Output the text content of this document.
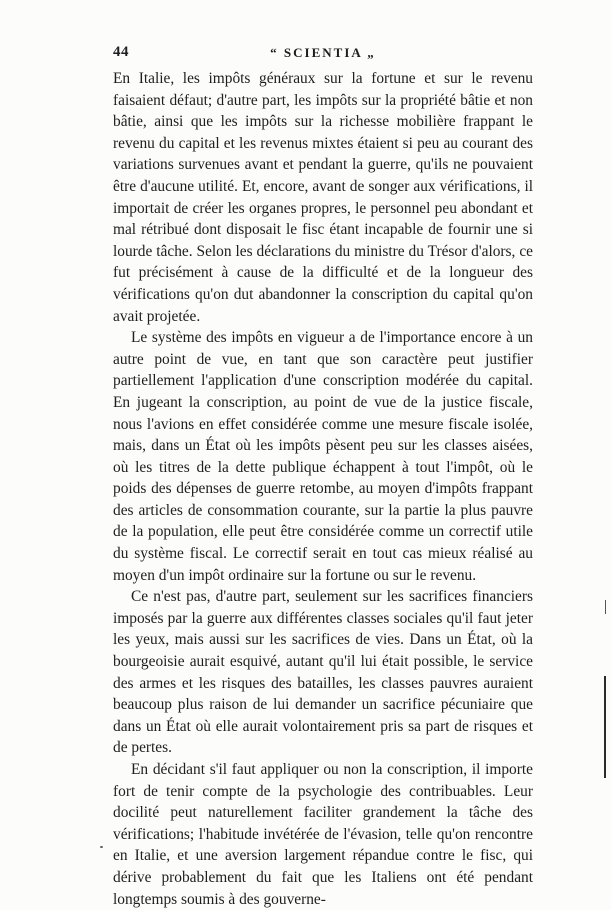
44	“ SCIENTIA „

En Italie, les impôts généraux sur la fortune et sur le revenu faisaient défaut; d'autre part, les impôts sur la propriété bâtie et non bâtie, ainsi que les impôts sur la richesse mobilière frappant le revenu du capital et les revenus mixtes étaient si peu au courant des variations survenues avant et pendant la guerre, qu'ils ne pouvaient être d'aucune utilité. Et, encore, avant de songer aux vérifications, il importait de créer les organes propres, le personnel peu abondant et mal rétribué dont disposait le fisc étant incapable de fournir une si lourde tâche. Selon les déclarations du ministre du Trésor d'alors, ce fut précisément à cause de la difficulté et de la longueur des vérifications qu'on dut abandonner la conscription du capital qu'on avait projetée.

Le système des impôts en vigueur a de l'importance encore à un autre point de vue, en tant que son caractère peut justifier partiellement l'application d'une conscription modérée du capital. En jugeant la conscription, au point de vue de la justice fiscale, nous l'avions en effet considérée comme une mesure fiscale isolée, mais, dans un État où les impôts pèsent peu sur les classes aisées, où les titres de la dette publique échappent à tout l'impôt, où le poids des dépenses de guerre retombe, au moyen d'impôts frappant des articles de consommation courante, sur la partie la plus pauvre de la population, elle peut être considérée comme un correctif utile du système fiscal. Le correctif serait en tout cas mieux réalisé au moyen d'un impôt ordinaire sur la fortune ou sur le revenu.

Ce n'est pas, d'autre part, seulement sur les sacrifices financiers imposés par la guerre aux différentes classes sociales qu'il faut jeter les yeux, mais aussi sur les sacrifices de vies. Dans un État, où la bourgeoisie aurait esquivé, autant qu'il lui était possible, le service des armes et les risques des batailles, les classes pauvres auraient beaucoup plus raison de lui demander un sacrifice pécuniaire que dans un État où elle aurait volontairement pris sa part de risques et de pertes.

En décidant s'il faut appliquer ou non la conscription, il importe fort de tenir compte de la psychologie des contribuables. Leur docilité peut naturellement faciliter grandement la tâche des vérifications; l'habitude invétérée de l'évasion, telle qu'on rencontre en Italie, et une aversion largement répandue contre le fisc, qui dérive probablement du fait que les Italiens ont été pendant longtemps soumis à des gouverne-
